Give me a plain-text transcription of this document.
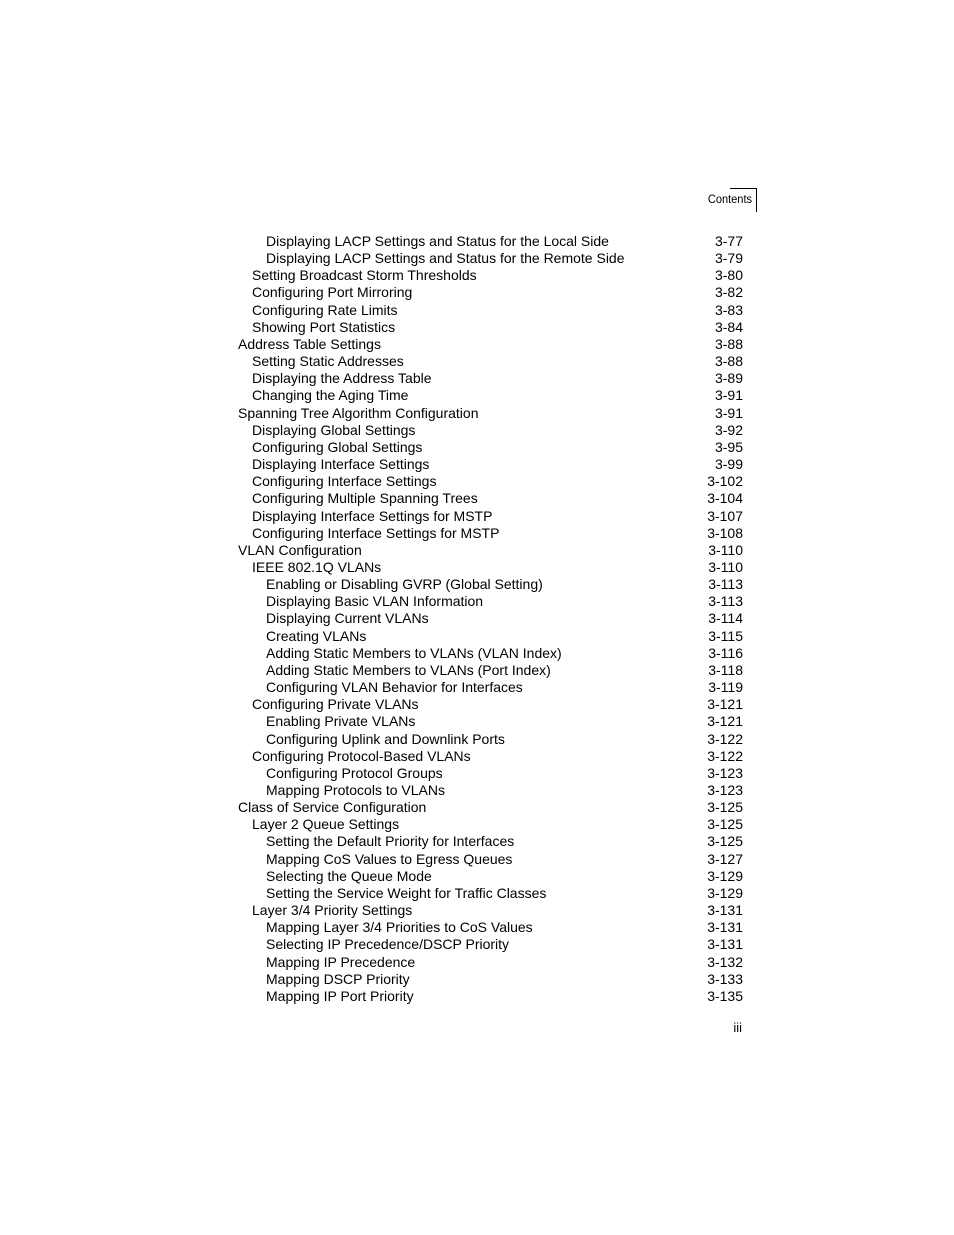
Contents
Displaying LACP Settings and Status for the Local Side	3-77
Displaying LACP Settings and Status for the Remote Side	3-79
Setting Broadcast Storm Thresholds	3-80
Configuring Port Mirroring	3-82
Configuring Rate Limits	3-83
Showing Port Statistics	3-84
Address Table Settings	3-88
Setting Static Addresses	3-88
Displaying the Address Table	3-89
Changing the Aging Time	3-91
Spanning Tree Algorithm Configuration	3-91
Displaying Global Settings	3-92
Configuring Global Settings	3-95
Displaying Interface Settings	3-99
Configuring Interface Settings	3-102
Configuring Multiple Spanning Trees	3-104
Displaying Interface Settings for MSTP	3-107
Configuring Interface Settings for MSTP	3-108
VLAN Configuration	3-110
IEEE 802.1Q VLANs	3-110
Enabling or Disabling GVRP (Global Setting)	3-113
Displaying Basic VLAN Information	3-113
Displaying Current VLANs	3-114
Creating VLANs	3-115
Adding Static Members to VLANs (VLAN Index)	3-116
Adding Static Members to VLANs (Port Index)	3-118
Configuring VLAN Behavior for Interfaces	3-119
Configuring Private VLANs	3-121
Enabling Private VLANs	3-121
Configuring Uplink and Downlink Ports	3-122
Configuring Protocol-Based VLANs	3-122
Configuring Protocol Groups	3-123
Mapping Protocols to VLANs	3-123
Class of Service Configuration	3-125
Layer 2 Queue Settings	3-125
Setting the Default Priority for Interfaces	3-125
Mapping CoS Values to Egress Queues	3-127
Selecting the Queue Mode	3-129
Setting the Service Weight for Traffic Classes	3-129
Layer 3/4 Priority Settings	3-131
Mapping Layer 3/4 Priorities to CoS Values	3-131
Selecting IP Precedence/DSCP Priority	3-131
Mapping IP Precedence	3-132
Mapping DSCP Priority	3-133
Mapping IP Port Priority	3-135
iii
